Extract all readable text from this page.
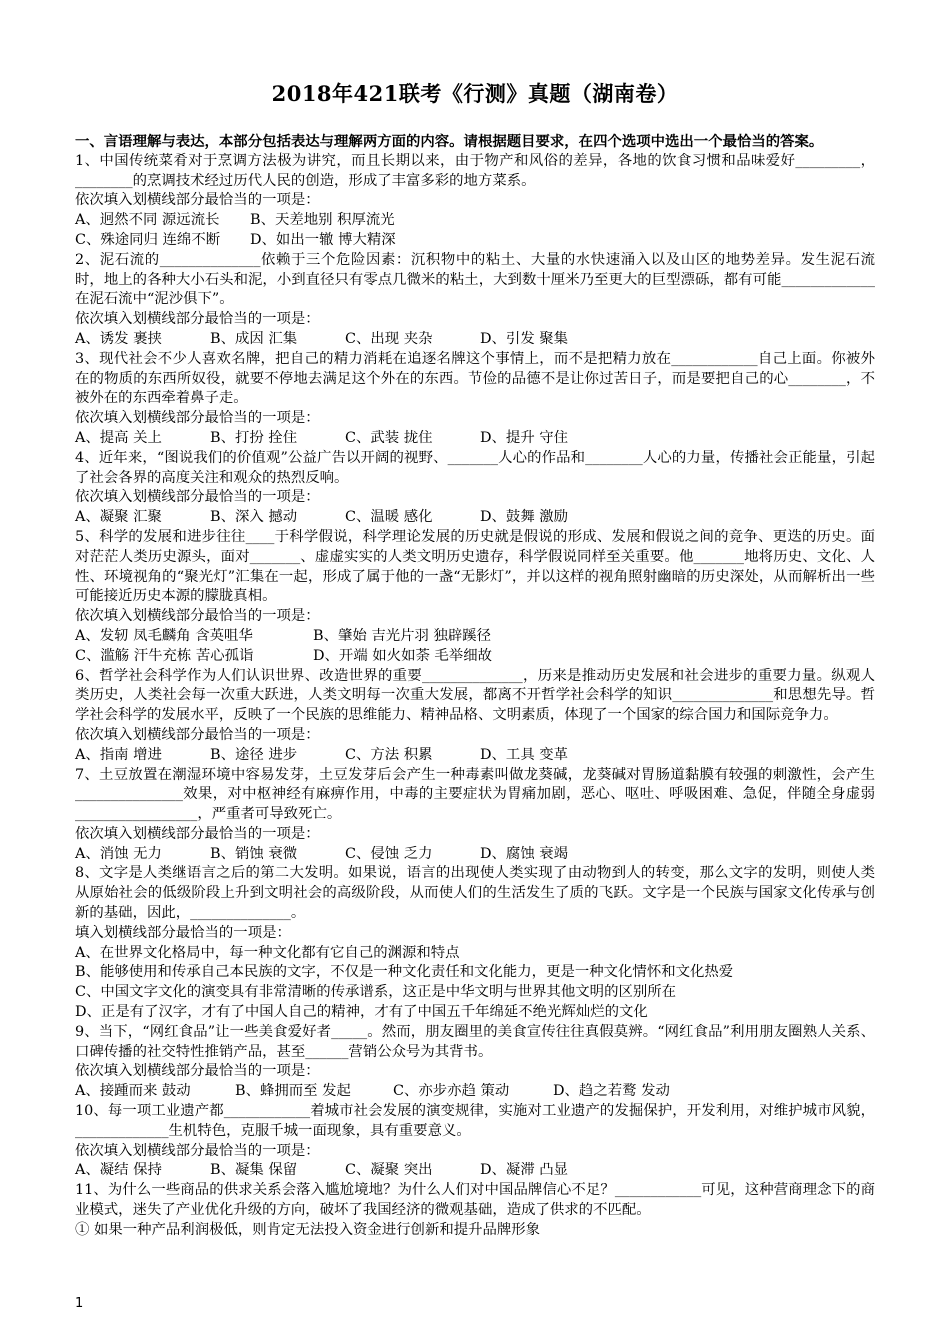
2018年421联考《行测》真题（湖南卷）

一、言语理解与表达，本部分包括表达与理解两方面的内容。请根据题目要求，在四个选项中选出一个最恰当的答案。

1、中国传统菜肴对于烹调方法极为讲究，而且长期以来，由于物产和风俗的差异，各地的饮食习惯和品味爱好_________，________的烹调技术经过历代人民的创造，形成了丰富多彩的地方菜系。

依次填入划横线部分最恰当的一项是：

A、迥然不同 源远流长	B、天差地别 积厚流光
C、殊途同归 连绵不断	D、如出一辙 博大精深

2、泥石流的______________依赖于三个危险因素：沉积物中的粘土、大量的水快速涌入以及山区的地势差异。发生泥石流时，地上的各种大小石头和泥，小到直径只有零点几微米的粘土，大到数十厘米乃至更大的巨型漂砾，都有可能_____________在泥石流中“泥沙俱下”。

依次填入划横线部分最恰当的一项是：

A、诱发 裹挟	B、成因 汇集	C、出现 夹杂	D、引发 聚集

3、现代社会不少人喜欢名牌，把自己的精力消耗在追逐名牌这个事情上，而不是把精力放在____________自己上面。你被外在的物质的东西所奴役，就要不停地去满足这个外在的东西。节俭的品德不是让你过苦日子，而是要把自己的心________，不被外在的东西牵着鼻子走。

依次填入划横线部分最恰当的一项是：

A、提高 关上	B、打扮 拴住	C、武装 拢住	D、提升 守住

4、近年来，“图说我们的价值观”公益广告以开阔的视野、_______人心的作品和________人心的力量，传播社会正能量，引起了社会各界的高度关注和观众的热烈反响。

依次填入划横线部分最恰当的一项是：

A、凝聚 汇聚	B、深入 撼动	C、温暖 感化	D、鼓舞 激励

5、科学的发展和进步往往____于科学假说，科学理论发展的历史就是假说的形成、发展和假说之间的竞争、更迭的历史。面对茫茫人类历史源头，面对_______、虚虚实实的人类文明历史遗存，科学假说同样至关重要。他_______地将历史、文化、人性、环境视角的“聚光灯”汇集在一起，形成了属于他的一盏“无影灯”，并以这样的视角照射幽暗的历史深处，从而解析出一些可能接近历史本源的朦胧真相。

依次填入划横线部分最恰当的一项是：

A、发轫 凤毛麟角 含英咀华	B、肇始 吉光片羽 独辟蹊径
C、滥觞 汗牛充栋 苦心孤诣	D、开端 如火如荼 毛举细故

6、哲学社会科学作为人们认识世界、改造世界的重要______________，历来是推动历史发展和社会进步的重要力量。纵观人类历史，人类社会每一次重大跃进，人类文明每一次重大发展，都离不开哲学社会科学的知识______________和思想先导。哲学社会科学的发展水平，反映了一个民族的思维能力、精神品格、文明素质，体现了一个国家的综合国力和国际竞争力。

依次填入划横线部分最恰当的一项是：

A、指南 增进	B、途径 进步	C、方法 积累	D、工具 变革

7、土豆放置在潮湿环境中容易发芽，土豆发芽后会产生一种毒素叫做龙葵碱，龙葵碱对胃肠道黏膜有较强的刺激性，会产生_______________效果，对中枢神经有麻痹作用，中毒的主要症状为胃痛加剧，恶心、呕吐、呼吸困难、急促，伴随全身虚弱_________________，严重者可导致死亡。

依次填入划横线部分最恰当的一项是：

A、消蚀 无力	B、销蚀 衰微	C、侵蚀 乏力	D、腐蚀 衰竭

8、文字是人类继语言之后的第二大发明。如果说，语言的出现使人类实现了由动物到人的转变，那么文字的发明，则使人类从原始社会的低级阶段上升到文明社会的高级阶段，从而使人们的生活发生了质的飞跃。文字是一个民族与国家文化传承与创新的基础，因此，______________。

填入划横线部分最恰当的一项是：

A、在世界文化格局中，每一种文化都有它自己的渊源和特点

B、能够使用和传承自己本民族的文字，不仅是一种文化责任和文化能力，更是一种文化情怀和文化热爱

C、中国文字文化的演变具有非常清晰的传承谱系，这正是中华文明与世界其他文明的区别所在

D、正是有了汉字，才有了中国人自己的精神，才有了中国五千年绵延不绝光辉灿烂的文化

9、当下，“网红食品”让一些美食爱好者_____。然而，朋友圈里的美食宣传往往真假莫辨。“网红食品”利用朋友圈熟人关系、口碑传播的社交特性推销产品，甚至______营销公众号为其背书。

依次填入划横线部分最恰当的一项是：

A、接踵而来 鼓动	B、蜂拥而至 发起	C、亦步亦趋 策动	D、趋之若鹜 发动

10、每一项工业遗产都____________着城市社会发展的演变规律，实施对工业遗产的发掘保护，开发利用，对维护城市风貌，_____________生机特色，克服千城一面现象，具有重要意义。

依次填入划横线部分最恰当的一项是：

A、凝结 保持	B、凝集 保留	C、凝聚 突出	D、凝滞 凸显

11、为什么一些商品的供求关系会落入尴尬境地？为什么人们对中国品牌信心不足？____________可见，这种营商理念下的商业模式，迷失了产业优化升级的方向，破坏了我国经济的微观基础，造成了供求的不匹配。

① 如果一种产品利润极低，则肯定无法投入资金进行创新和提升品牌形象

1
